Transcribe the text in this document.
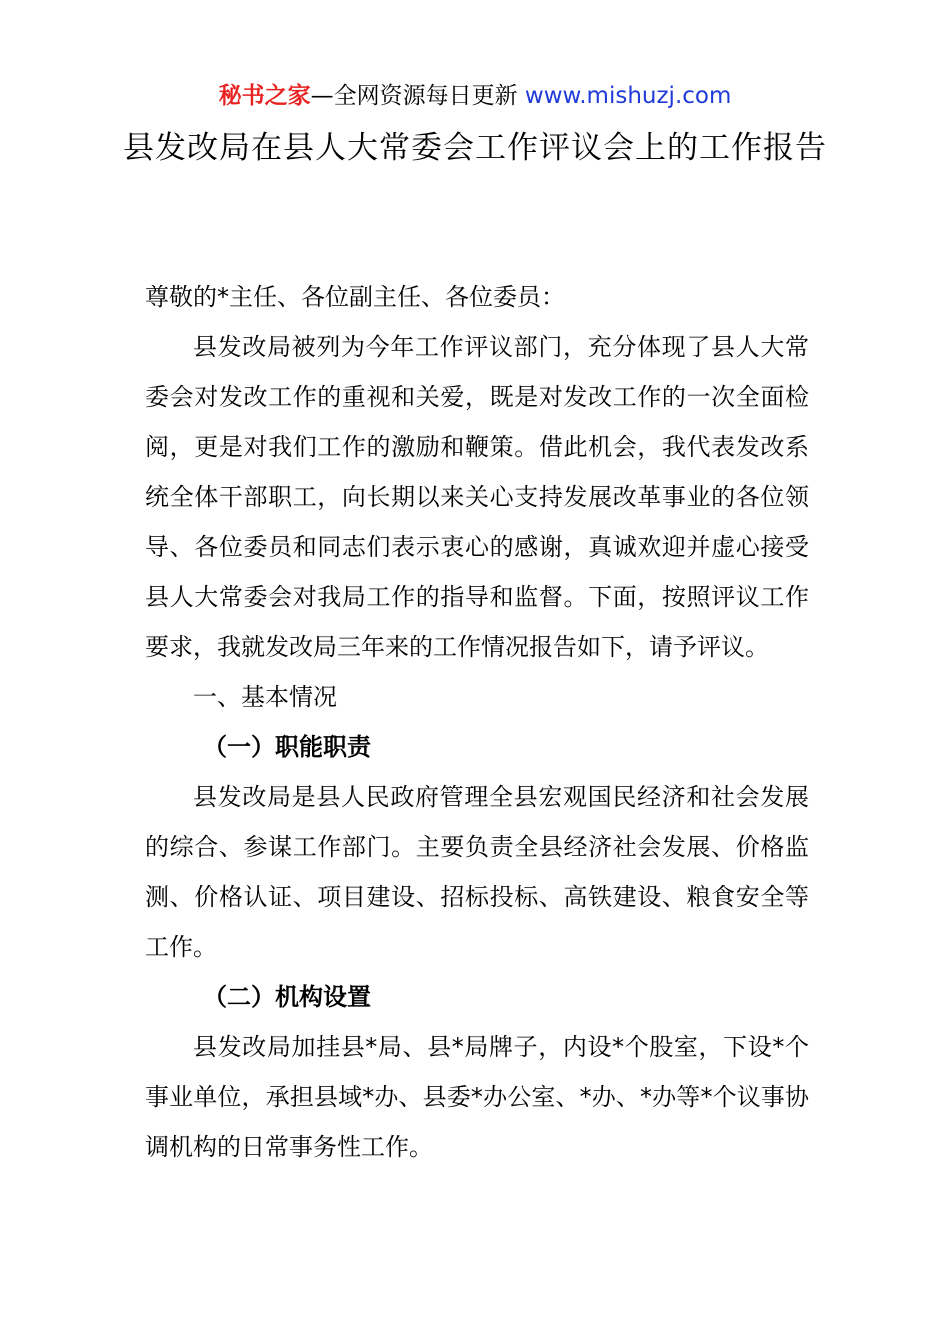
秘书之家—全网资源每日更新 www.mishuzj.com
县发改局在县人大常委会工作评议会上的工作报告

尊敬的*主任、各位副主任、各位委员：

县发改局被列为今年工作评议部门，充分体现了县人大常委会对发改工作的重视和关爱，既是对发改工作的一次全面检阅，更是对我们工作的激励和鞭策。借此机会，我代表发改系统全体干部职工，向长期以来关心支持发展改革事业的各位领导、各位委员和同志们表示衷心的感谢，真诚欢迎并虚心接受县人大常委会对我局工作的指导和监督。下面，按照评议工作要求，我就发改局三年来的工作情况报告如下，请予评议。

一、基本情况

（一）职能职责

县发改局是县人民政府管理全县宏观国民经济和社会发展的综合、参谋工作部门。主要负责全县经济社会发展、价格监测、价格认证、项目建设、招标投标、高铁建设、粮食安全等工作。

（二）机构设置

县发改局加挂县*局、县*局牌子，内设*个股室，下设*个事业单位，承担县域*办、县委*办公室、*办、*办等*个议事协调机构的日常事务性工作。
